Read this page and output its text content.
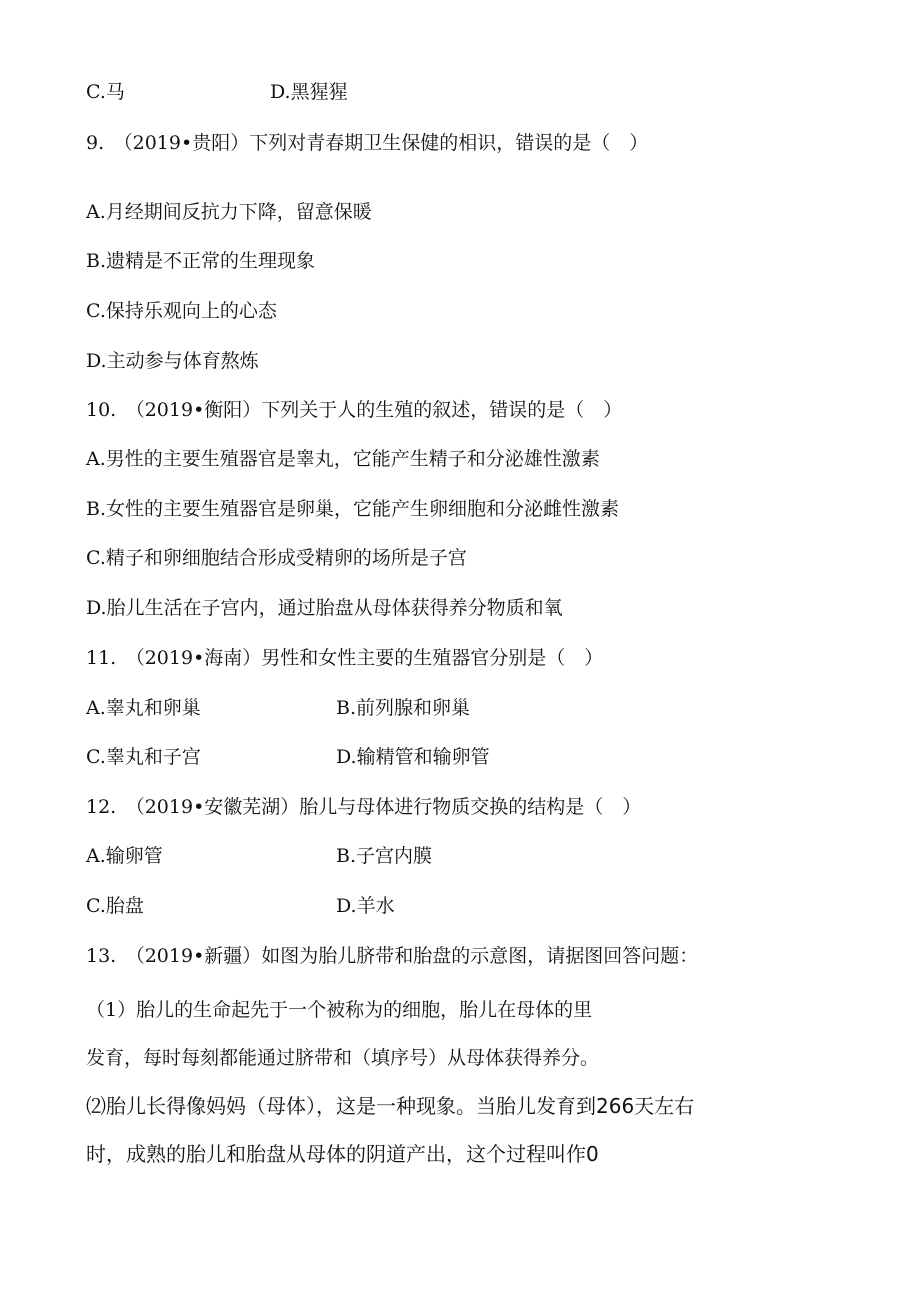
C.马	D.黑猩猩
9.　（2019•贵阳）下列对青春期卫生保健的相识，错误的是（　）
A.月经期间反抗力下降，留意保暖
B.遗精是不正常的生理现象
C.保持乐观向上的心态
D.主动参与体育熬炼
10.　（2019•衡阳）下列关于人的生殖的叙述，错误的是（　）
A.男性的主要生殖器官是睾丸，它能产生精子和分泌雄性激素
B.女性的主要生殖器官是卵巢，它能产生卵细胞和分泌雌性激素
C.精子和卵细胞结合形成受精卵的场所是子宫
D.胎儿生活在子宫内，通过胎盘从母体获得养分物质和氧
11.　（2019•海南）男性和女性主要的生殖器官分别是（　）
A.睾丸和卵巢	B.前列腺和卵巢
C.睾丸和子宫	D.输精管和输卵管
12.　（2019•安徽芜湖）胎儿与母体进行物质交换的结构是（　）
A.输卵管	B.子宫内膜
C.胎盘	D.羊水
13.　（2019•新疆）如图为胎儿脐带和胎盘的示意图，请据图回答问题：
（1）胎儿的生命起先于一个被称为的细胞，胎儿在母体的里
发育，每时每刻都能通过脐带和（填序号）从母体获得养分。
⑵胎儿长得像妈妈（母体），这是一种现象。当胎儿发育到266天左右
时，成熟的胎儿和胎盘从母体的阴道产出，这个过程叫作0
